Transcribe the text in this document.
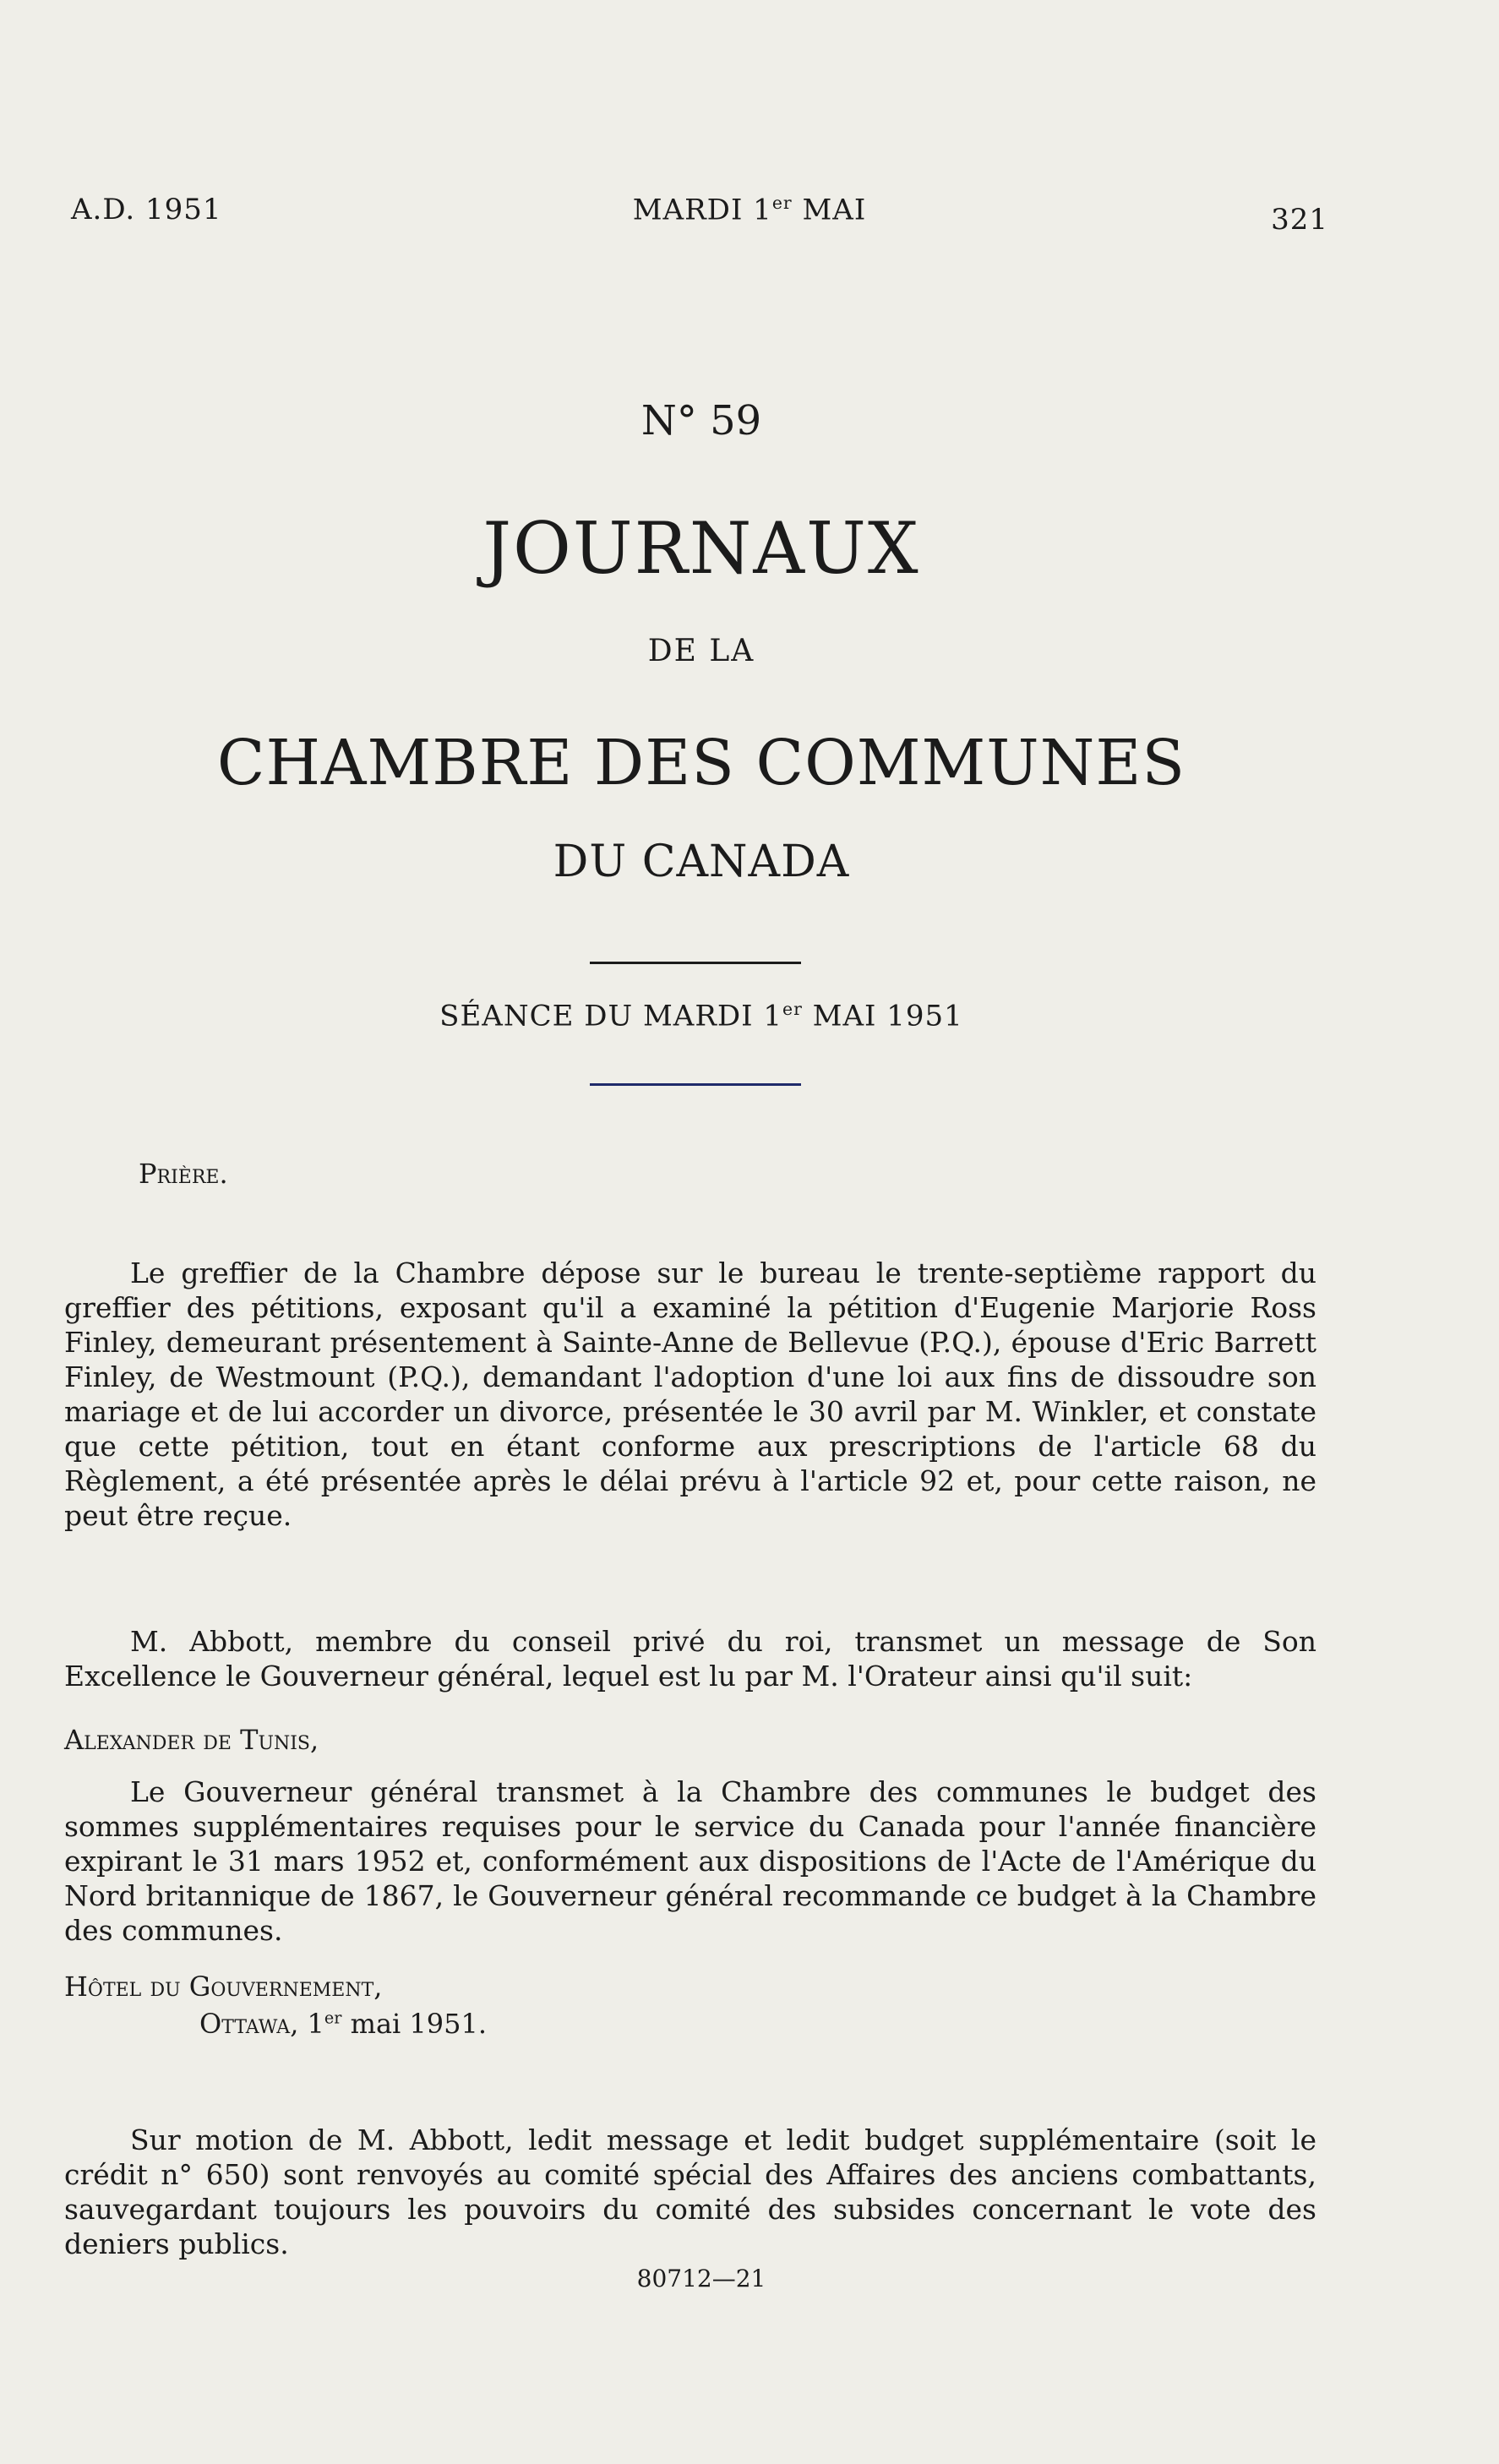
A.D. 1951	MARDI 1er MAI	321

N° 59

JOURNAUX

DE LA

CHAMBRE DES COMMUNES

DU CANADA

SÉANCE DU MARDI 1er MAI 1951

Prière.

Le greffier de la Chambre dépose sur le bureau le trente-septième rapport du greffier des pétitions, exposant qu'il a examiné la pétition d'Eugenie Marjorie Ross Finley, demeurant présentement à Sainte-Anne de Bellevue (P.Q.), épouse d'Eric Barrett Finley, de Westmount (P.Q.), demandant l'adoption d'une loi aux fins de dissoudre son mariage et de lui accorder un divorce, présentée le 30 avril par M. Winkler, et constate que cette pétition, tout en étant conforme aux prescriptions de l'article 68 du Règlement, a été présentée après le délai prévu à l'article 92 et, pour cette raison, ne peut être reçue.

M. Abbott, membre du conseil privé du roi, transmet un message de Son Excellence le Gouverneur général, lequel est lu par M. l'Orateur ainsi qu'il suit:

Alexander de Tunis,

Le Gouverneur général transmet à la Chambre des communes le budget des sommes supplémentaires requises pour le service du Canada pour l'année financière expirant le 31 mars 1952 et, conformément aux dispositions de l'Acte de l'Amérique du Nord britannique de 1867, le Gouverneur général recommande ce budget à la Chambre des communes.

Hôtel du Gouvernement,

Ottawa, 1er mai 1951.

Sur motion de M. Abbott, ledit message et ledit budget supplémentaire (soit le crédit n° 650) sont renvoyés au comité spécial des Affaires des anciens combattants, sauvegardant toujours les pouvoirs du comité des subsides concernant le vote des deniers publics.

80712—21
